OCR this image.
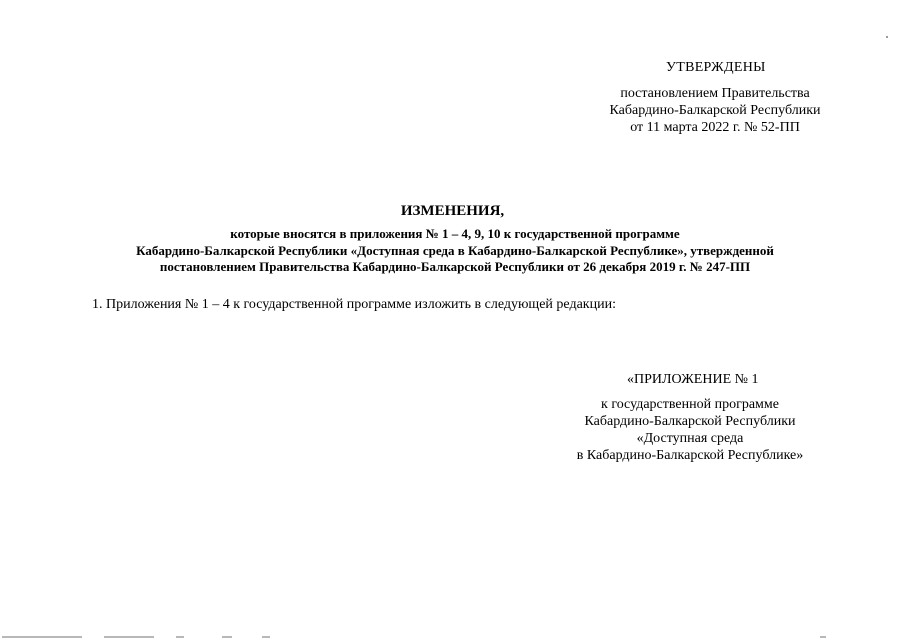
УТВЕРЖДЕНЫ
постановлением Правительства
Кабардино-Балкарской Республики
от 11 марта 2022 г. № 52-ПП
ИЗМЕНЕНИЯ,
которые вносятся в приложения № 1 – 4, 9, 10 к государственной программе
Кабардино-Балкарской Республики «Доступная среда в Кабардино-Балкарской Республике», утвержденной
постановлением Правительства Кабардино-Балкарской Республики от 26 декабря 2019 г. № 247-ПП
1. Приложения № 1 – 4 к государственной программе изложить в следующей редакции:
«ПРИЛОЖЕНИЕ № 1
к государственной программе
Кабардино-Балкарской Республики
«Доступная среда
в Кабардино-Балкарской Республике»
